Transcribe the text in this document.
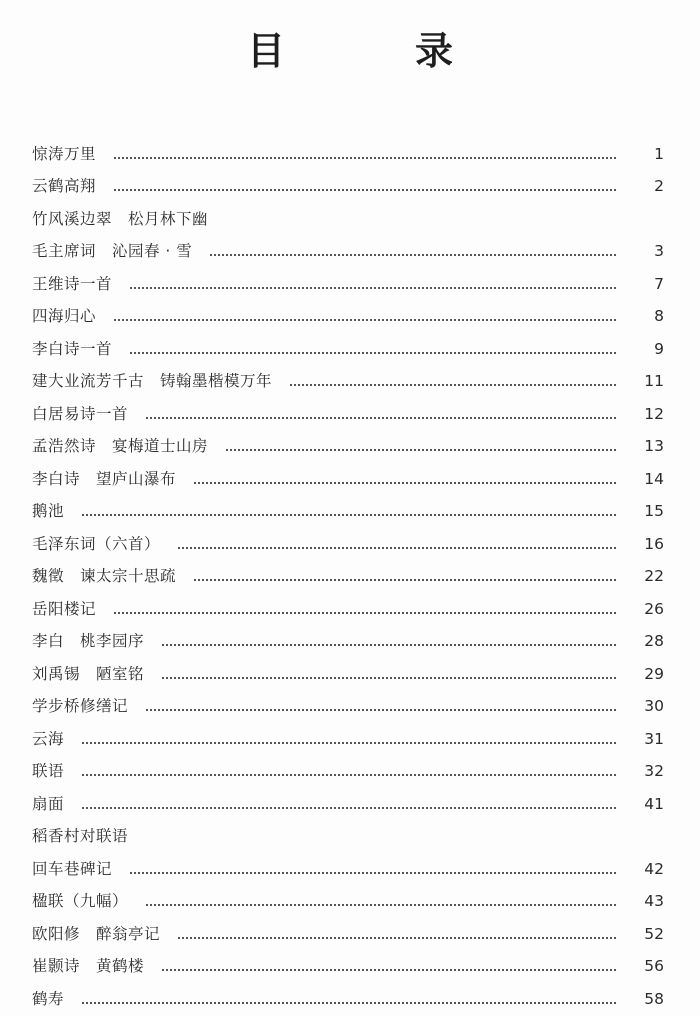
目	录
惊涛万里	1
云鹤高翔	2
竹风溪边翠　松月林下幽
毛主席词　沁园春 · 雪	3
王维诗一首	7
四海归心	8
李白诗一首	9
建大业流芳千古　铸翰墨楷模万年	11
白居易诗一首	12
孟浩然诗　宴梅道士山房	13
李白诗　望庐山瀑布	14
鹅池	15
毛泽东词（六首）	16
魏徵　谏太宗十思疏	22
岳阳楼记	26
李白　桃李园序	28
刘禹锡　陋室铭	29
学步桥修缮记	30
云海	31
联语	32
扇面	41
稻香村对联语
回车巷碑记	42
楹联（九幅）	43
欧阳修　醉翁亭记	52
崔颢诗　黄鹤楼	56
鹤寿	58
